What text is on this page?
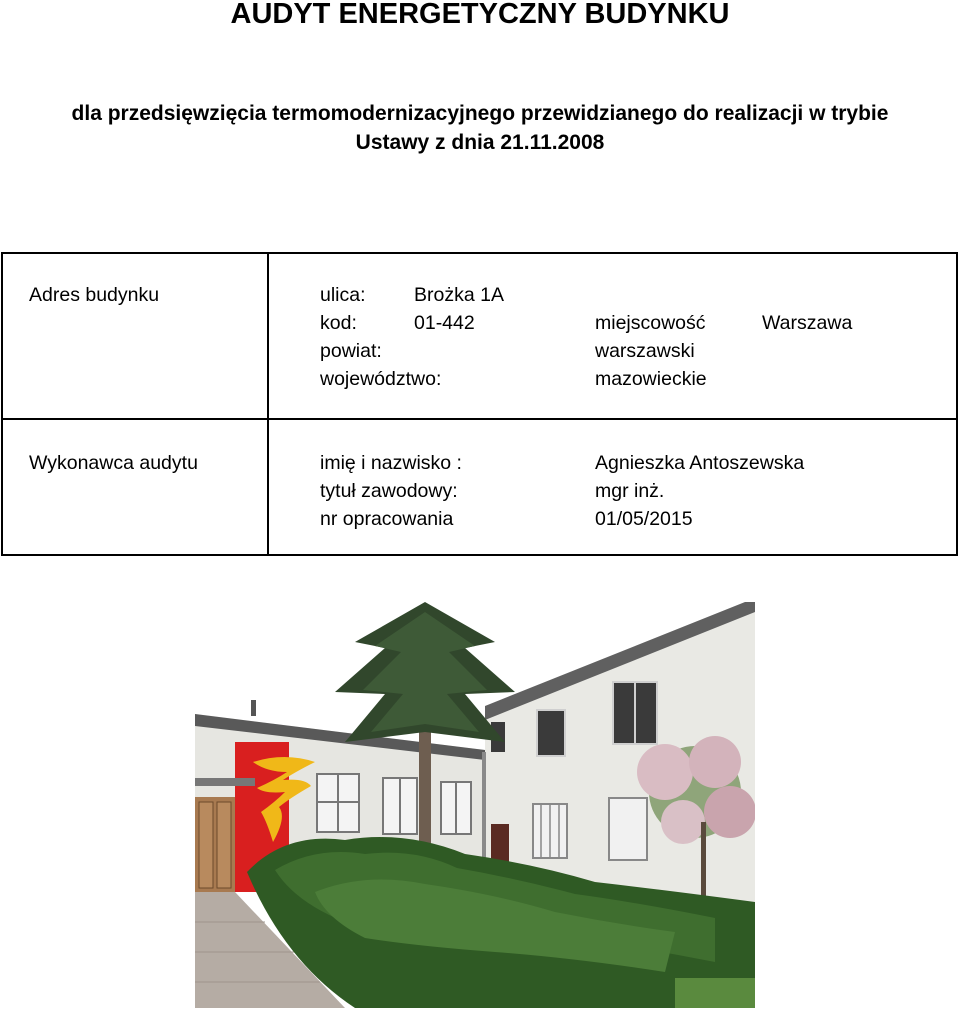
AUDYT ENERGETYCZNY BUDYNKU
dla przedsięwzięcia termomodernizacyjnego przewidzianego do realizacji w trybie
Ustawy z dnia 21.11.2008
Adres budynku	ulica: Brożka 1A
kod:	01-442	miejscowość	Warszawa
powiat:	warszawski
województwo:	mazowieckie
Wykonawca audytu	imię i nazwisko :	Agnieszka Antoszewska
tytuł zawodowy:	mgr inż.
nr opracowania	01/05/2015
